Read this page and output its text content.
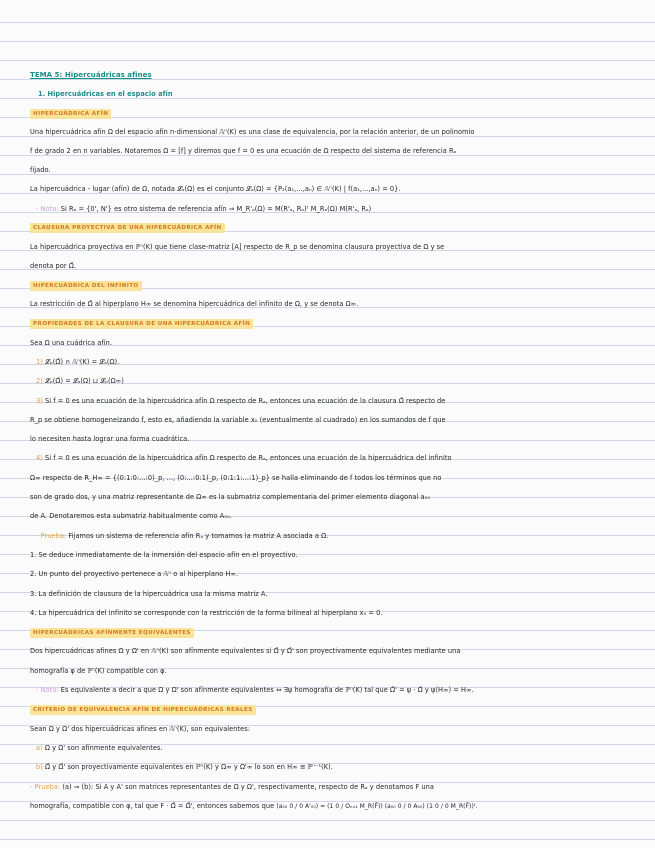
TEMA 5: Hipercuádricas afines
1. Hipercuádricas en el espacio afín
HIPERCUÁDRICA AFÍN
Una hipercuádrica afín Ω del espacio afín n-dimensional 𝔸ⁿ(K) es una clase de equivalencia, por la relación anterior, de un polinomio
f de grado 2 en n variables. Notaremos Ω = [f] y diremos que f = 0 es una ecuación de Ω respecto del sistema de referencia Rₐ
fijado.
La hipercuádrica - lugar (afín) de Ω, notada 𝓛ₐ(Ω) es el conjunto 𝓛ₐ(Ω) = {P₂(a₁,...,aₙ) ∈ 𝔸ⁿ(K) | f(a₁,...,aₙ) = 0}.
- Nota: Si Rₐ = {0', N'} es otro sistema de referencia afín ⇒ M_R'ₐ(Ω) = M(R'ₐ, Rₐ)ᵗ M_Rₐ(Ω) M(R'ₐ, Rₐ)
CLAUSURA PROYECTIVA DE UNA HIPERCUÁDRICA AFÍN
La hipercuádrica proyectiva en ℙⁿ(K) que tiene clase-matriz [A] respecto de R_p se denomina clausura proyectiva de Ω y se
denota por Ω̄.
HIPERCUÁDRICA DEL INFINITO
La restricción de Ω̄ al hiperplano H∞ se denomina hipercuádrica del infinito de Ω, y se denota Ω∞.
PROPIEDADES DE LA CLAUSURA DE UNA HIPERCUÁDRICA AFÍN
Sea Ω una cuádrica afín.
1) 𝓛ₚ(Ω̄) ∩ 𝔸ⁿ(K) = 𝓛ₐ(Ω).
2) 𝓛ₚ(Ω̄) = 𝓛ₐ(Ω) ⊔ 𝓛ₚ(Ω∞)
3) Si f = 0 es una ecuación de la hipercuádrica afín Ω respecto de Rₐ, entonces una ecuación de la clausura Ω̄ respecto de
R_p se obtiene homogeneizando f, esto es, añadiendo la variable x₀ (eventualmente al cuadrado) en los sumandos de f que
lo necesiten hasta lograr una forma cuadrática.
4) Si f = 0 es una ecuación de la hipercuádrica afín Ω respecto de Rₐ, entonces una ecuación de la hipercuádrica del infinito
Ω∞ respecto de R_H∞ = {(0:1:0:...:0)_p, ..., (0:...:0:1)_p, (0:1:1:...:1)_p} se halla eliminando de f todos los términos que no
son de grado dos, y una matriz representante de Ω∞ es la submatriz complementaria del primer elemento diagonal a₀₀
de A. Denotaremos esta submatriz habitualmente como A₀₀.
- Prueba: Fijamos un sistema de referencia afín Rₐ y tomamos la matriz A asociada a Ω.
1. Se deduce inmediatamente de la inmersión del espacio afín en el proyectivo.
2. Un punto del proyectivo pertenece a 𝔸ⁿ o al hiperplano H∞.
3. La definición de clausura de la hipercuádrica usa la misma matriz A.
4. La hipercuádrica del infinito se corresponde con la restricción de la forma bilineal al hiperplano x₀ = 0.
HIPERCUÁDRICAS AFÍNMENTE EQUIVALENTES
Dos hipercuádricas afines Ω y Ω' en 𝔸ⁿ(K) son afínmente equivalentes si Ω̄ y Ω̄' son proyectivamente equivalentes mediante una
homografía φ de ℙⁿ(K) compatible con φ.
- Nota: Es equivalente a decir a que Ω y Ω' son afínmente equivalentes ⇔ ∃ψ homografía de ℙⁿ(K) tal que Ω̄' = ψ · Ω̄ y ψ(H∞) = H∞.
CRITERIO DE EQUIVALENCIA AFÍN DE HIPERCUÁDRICAS REALES
Sean Ω y Ω' dos hipercuádricas afines en 𝔸ⁿ(K), son equivalentes:
a) Ω y Ω' son afínmente equivalentes.
b) Ω̄ y Ω̄' son proyectivamente equivalentes en ℙⁿ(K) y Ω∞ y Ω'∞ lo son en H∞ ≅ ℙⁿ⁻¹(K).
- Prueba: (a) ⇒ (b): Si A y A' son matrices representantes de Ω y Ω', respectivamente, respecto de Rₐ y denotamos F una
homografía, compatible con φ, tal que F · Ω̄ = Ω̄', entonces sabemos que (a₀₀ 0 / 0 A'₀₀) = (1 0 / Oₙₓ₁ M_R(F̄)) (a₀₀ 0 / 0 A₀₀) (1 0 / 0 M_R(F̄))ᵗ.
